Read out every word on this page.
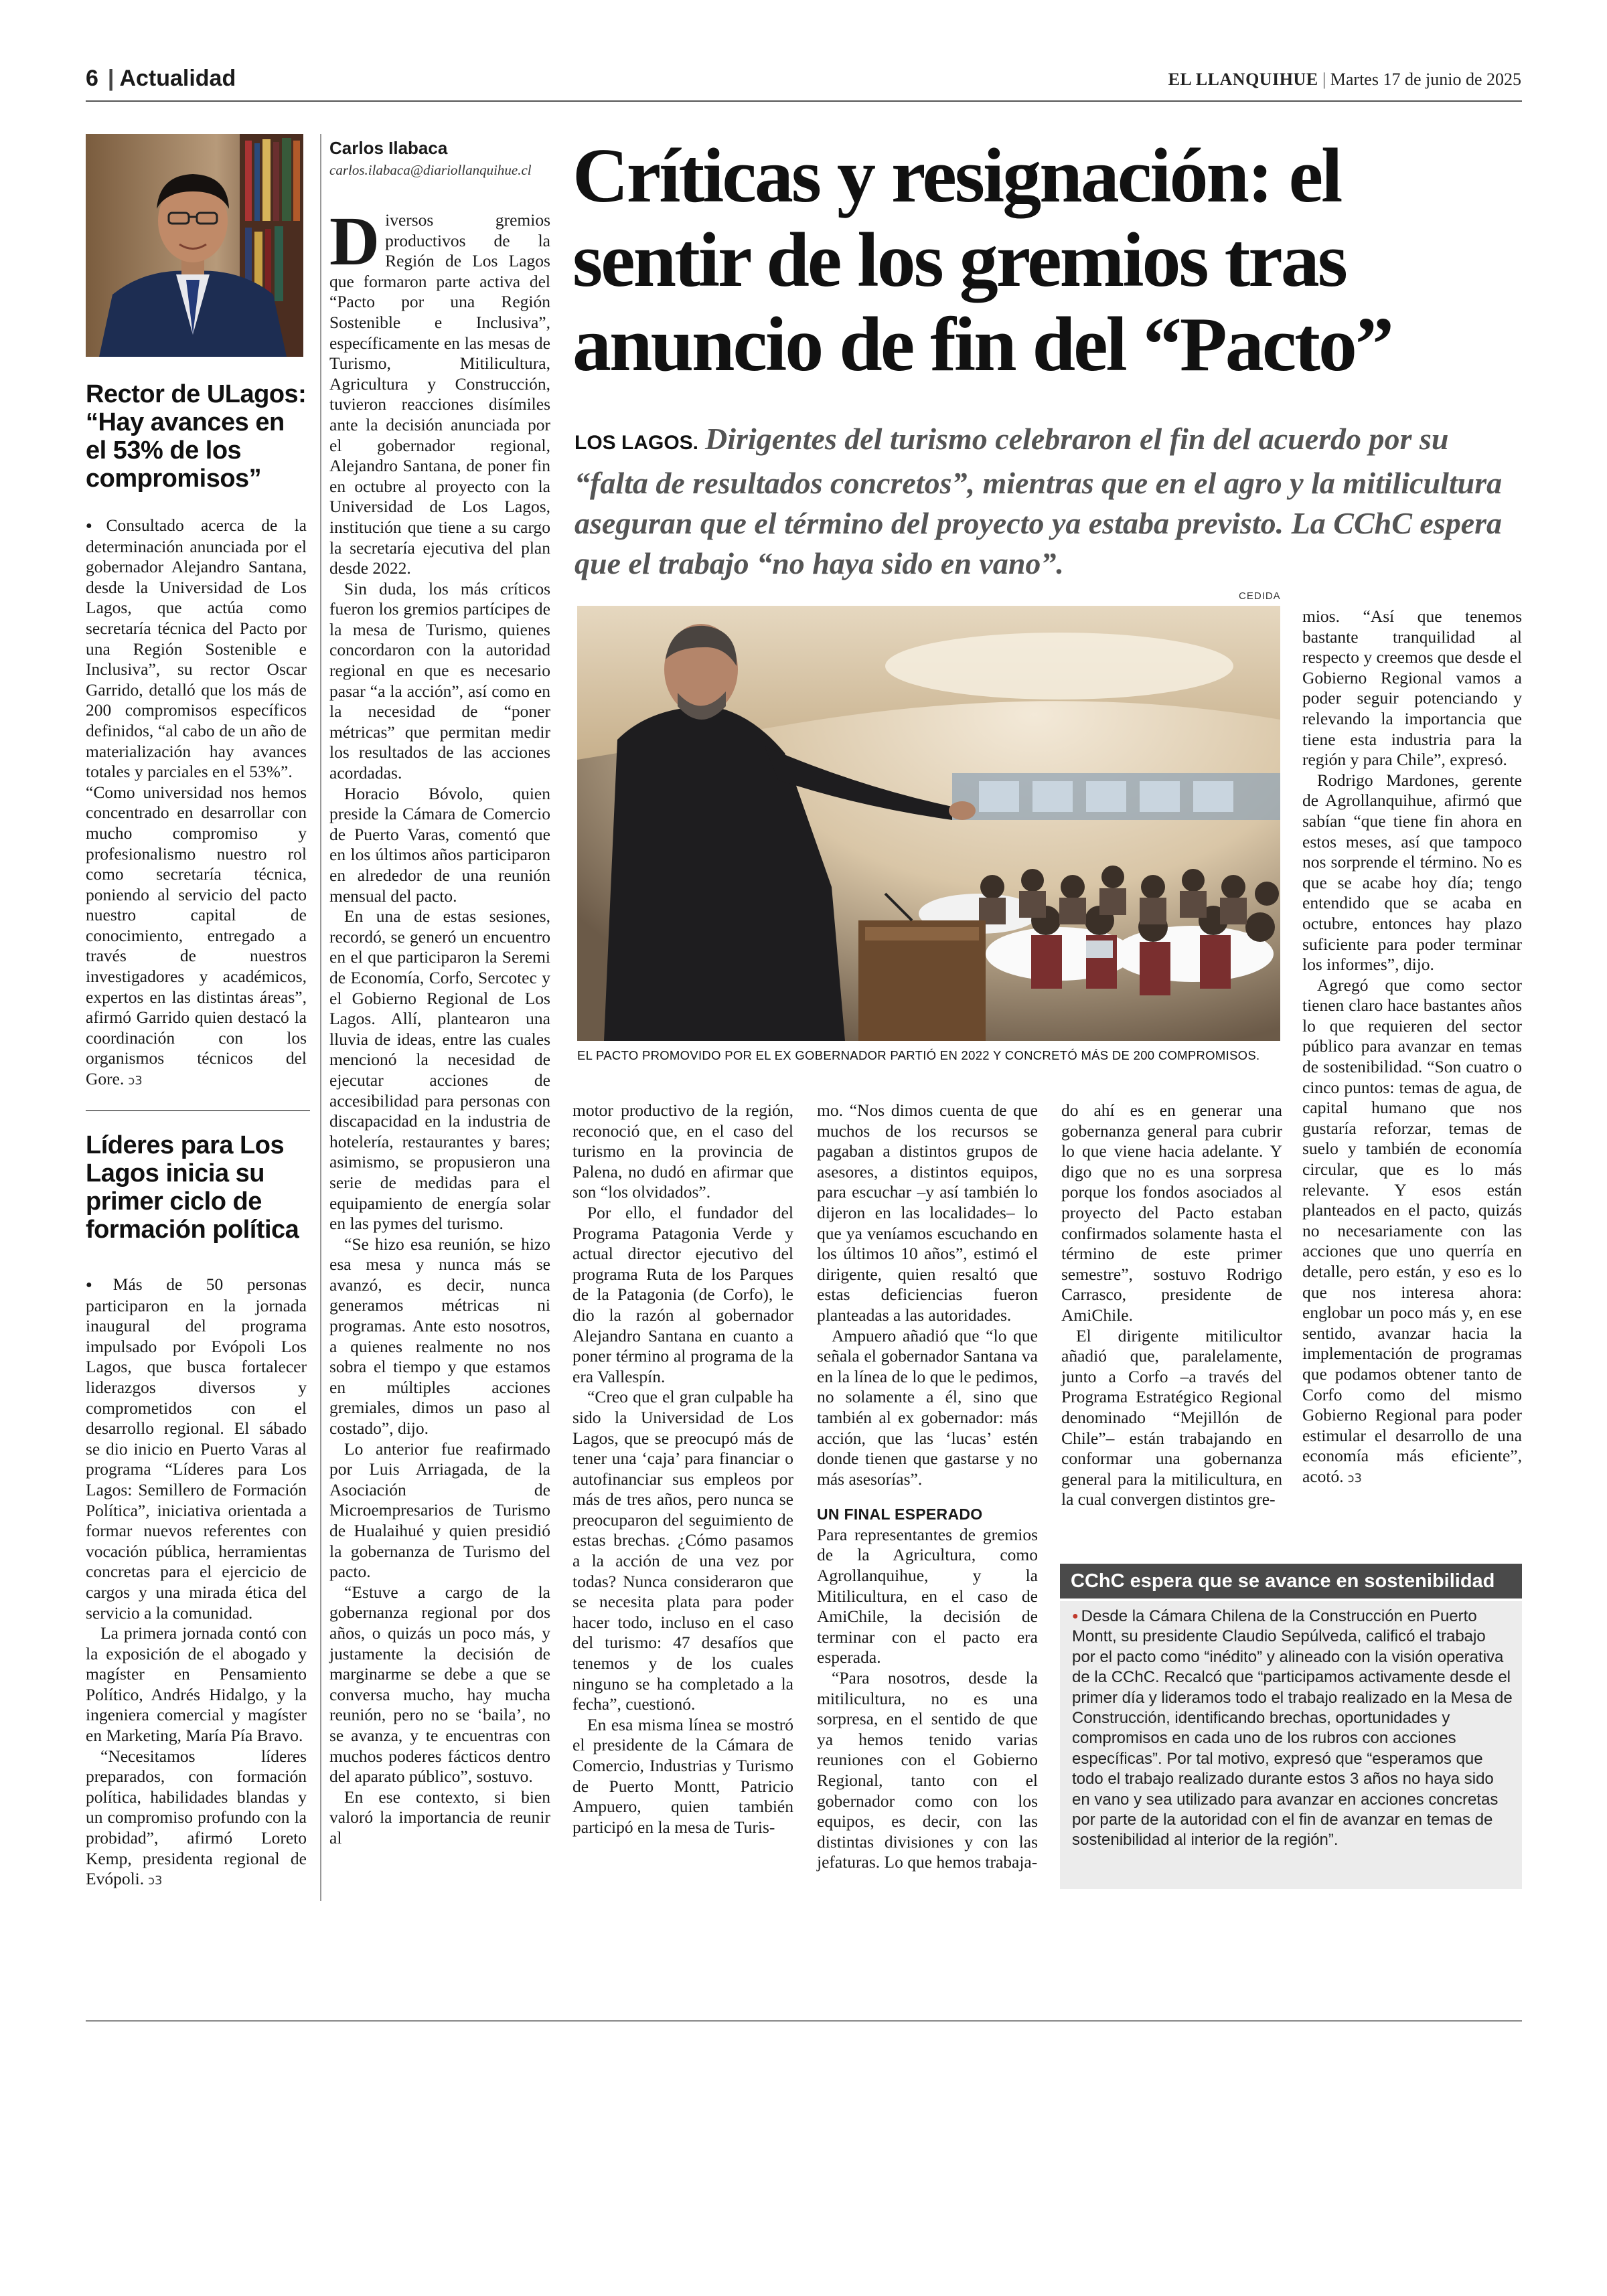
6 | Actualidad	EL LLANQUIHUE | Martes 17 de junio de 2025
Rector de ULagos: “Hay avances en el 53% de los compromisos”

● Consultado acerca de la determinación anunciada por el gobernador Alejandro Santana, desde la Universidad de Los Lagos, que actúa como secretaría técnica del Pacto por una Región Sostenible e Inclusiva”, su rector Oscar Garrido, detalló que los más de 200 compromisos específicos definidos, “al cabo de un año de materialización hay avances totales y parciales en el 53%”.

“Como universidad nos hemos concentrado en desarrollar con mucho compromiso y profesionalismo nuestro rol como secretaría técnica, poniendo al servicio del pacto nuestro capital de conocimiento, entregado a través de nuestros investigadores y académicos, expertos en las distintas áreas”, afirmó Garrido quien destacó la coordinación con los organismos técnicos del Gore. ↄ3

Líderes para Los Lagos inicia su primer ciclo de formación política

● Más de 50 personas participaron en la jornada inaugural del programa impulsado por Evópoli Los Lagos, que busca fortalecer liderazgos diversos y comprometidos con el desarrollo regional. El sábado se dio inicio en Puerto Varas al programa “Líderes para Los Lagos: Semillero de Formación Política”, iniciativa orientada a formar nuevos referentes con vocación pública, herramientas concretas para el ejercicio de cargos y una mirada ética del servicio a la comunidad.

La primera jornada contó con la exposición de el abogado y magíster en Pensamiento Político, Andrés Hidalgo, y la ingeniera comercial y magíster en Marketing, María Pía Bravo.

“Necesitamos líderes preparados, con formación política, habilidades blandas y un compromiso profundo con la probidad”, afirmó Loreto Kemp, presidenta regional de Evópoli. ↄ3

Carlos Ilabaca
carlos.ilabaca@diariollanquihue.cl Críticas y resignación: el sentir de los gremios tras anuncio de fin del “Pacto”
LOS LAGOS. Dirigentes del turismo celebraron el fin del acuerdo por su “falta de resultados concretos”, mientras que en el agro y la mitilicultura aseguran que el término del proyecto ya estaba previsto. La CChC espera que el trabajo “no haya sido en vano”.

Diversos gremios productivos de la Región de Los Lagos que formaron parte activa del “Pacto por una Región Sostenible e Inclusiva”, específicamente en las mesas de Turismo, Mitilicultura, Agricultura y Construcción, tuvieron reacciones disímiles ante la decisión anunciada por el gobernador regional, Alejandro Santana, de poner fin en octubre al proyecto con la Universidad de Los Lagos, institución que tiene a su cargo la secretaría ejecutiva del plan desde 2022.

Sin duda, los más críticos fueron los gremios partícipes de la mesa de Turismo, quienes concordaron con la autoridad regional en que es necesario pasar “a la acción”, así como en la necesidad de “poner métricas” que permitan medir los resultados de las acciones acordadas.

Horacio Bóvolo, quien preside la Cámara de Comercio de Puerto Varas, comentó que en los últimos años participaron en alrededor de una reunión mensual del pacto.

En una de estas sesiones, recordó, se generó un encuentro en el que participaron la Seremi de Economía, Corfo, Sercotec y el Gobierno Regional de Los Lagos. Allí, plantearon una lluvia de ideas, entre las cuales mencionó la necesidad de ejecutar acciones de accesibilidad para personas con discapacidad en la industria de hotelería, restaurantes y bares; asimismo, se propusieron una serie de medidas para el equipamiento de energía solar en las pymes del turismo.

“Se hizo esa reunión, se hizo esa mesa y nunca más se avanzó, es decir, nunca generamos métricas ni programas. Ante esto nosotros, a quienes realmente no nos sobra el tiempo y que estamos en múltiples acciones gremiales, dimos un paso al costado”, dijo.

Lo anterior fue reafirmado por Luis Arriagada, de la Asociación de Microempresarios de Turismo de Hualaihué y quien presidió la gobernanza de Turismo del pacto.

“Estuve a cargo de la gobernanza regional por dos años, o quizás un poco más, y justamente la decisión de marginarme se debe a que se conversa mucho, hay mucha reunión, pero no se ‘baila’, no se avanza, y te encuentras con muchos poderes fácticos dentro del aparato público”, sostuvo.

En ese contexto, si bien valoró la importancia de reunir al

CEDIDA
EL PACTO PROMOVIDO POR EL EX GOBERNADOR PARTIÓ EN 2022 Y CONCRETÓ MÁS DE 200 COMPROMISOS.

motor productivo de la región, reconoció que, en el caso del turismo en la provincia de Palena, no dudó en afirmar que son “los olvidados”.

Por ello, el fundador del Programa Patagonia Verde y actual director ejecutivo del programa Ruta de los Parques de la Patagonia (de Corfo), le dio la razón al gobernador Alejandro Santana en cuanto a poner término al programa de la era Vallespín.

“Creo que el gran culpable ha sido la Universidad de Los Lagos, que se preocupó más de tener una ‘caja’ para financiar o autofinanciar sus empleos por más de tres años, pero nunca se preocuparon del seguimiento de estas brechas. ¿Cómo pasamos a la acción de una vez por todas? Nunca consideraron que se necesita plata para poder hacer todo, incluso en el caso del turismo: 47 desafíos que tenemos y de los cuales ninguno se ha completado a la fecha”, cuestionó.

En esa misma línea se mostró el presidente de la Cámara de Comercio, Industrias y Turismo de Puerto Montt, Patricio Ampuero, quien también participó en la mesa de Turis-

mo. “Nos dimos cuenta de que muchos de los recursos se pagaban a distintos grupos de asesores, a distintos equipos, para escuchar –y así también lo dijeron en las localidades– lo que ya veníamos escuchando en los últimos 10 años”, estimó el dirigente, quien resaltó que estas deficiencias fueron planteadas a las autoridades.

Ampuero añadió que “lo que señala el gobernador Santana va en la línea de lo que le pedimos, no solamente a él, sino que también al ex gobernador: más acción, que las ‘lucas’ estén donde tienen que gastarse y no más asesorías”.

UN FINAL ESPERADO

Para representantes de gremios de la Agricultura, como Agrollanquihue, y la Mitilicultura, en el caso de AmiChile, la decisión de terminar con el pacto era esperada.

“Para nosotros, desde la mitilicultura, no es una sorpresa, en el sentido de que ya hemos tenido varias reuniones con el Gobierno Regional, tanto con el gobernador como con los equipos, es decir, con las distintas divisiones y con las jefaturas. Lo que hemos trabaja-

do ahí es en generar una gobernanza general para cubrir lo que viene hacia adelante. Y digo que no es una sorpresa porque los fondos asociados al proyecto del Pacto estaban confirmados solamente hasta el término de este primer semestre”, sostuvo Rodrigo Carrasco, presidente de AmiChile.

El dirigente mitilicultor añadió que, paralelamente, junto a Corfo –a través del Programa Estratégico Regional denominado “Mejillón de Chile”– están trabajando en conformar una gobernanza general para la mitilicultura, en la cual convergen distintos gre-

mios. “Así que tenemos bastante tranquilidad al respecto y creemos que desde el Gobierno Regional vamos a poder seguir potenciando y relevando la importancia que tiene esta industria para la región y para Chile”, expresó.

Rodrigo Mardones, gerente de Agrollanquihue, afirmó que sabían “que tiene fin ahora en estos meses, así que tampoco nos sorprende el término. No es que se acabe hoy día; tengo entendido que se acaba en octubre, entonces hay plazo suficiente para poder terminar los informes”, dijo.

Agregó que como sector tienen claro hace bastantes años lo que requieren del sector público para avanzar en temas de sostenibilidad. “Son cuatro o cinco puntos: temas de agua, de capital humano que nos gustaría reforzar, temas de suelo y también de economía circular, que es lo más relevante. Y esos están planteados en el pacto, quizás no necesariamente con las acciones que uno querría en detalle, pero están, y eso es lo que nos interesa ahora: englobar un poco más y, en ese sentido, avanzar hacia la implementación de programas que podamos obtener tanto de Corfo como del mismo Gobierno Regional para poder estimular el desarrollo de una economía más eficiente”, acotó. ↄ3

CChC espera que se avance en sostenibilidad
● Desde la Cámara Chilena de la Construcción en Puerto Montt, su presidente Claudio Sepúlveda, calificó el trabajo por el pacto como “inédito” y alineado con la visión operativa de la CChC. Recalcó que “participamos activamente desde el primer día y lideramos todo el trabajo realizado en la Mesa de Construcción, identificando brechas, oportunidades y compromisos en cada uno de los rubros con acciones específicas”. Por tal motivo, expresó que “esperamos que todo el trabajo realizado durante estos 3 años no haya sido en vano y sea utilizado para avanzar en acciones concretas por parte de la autoridad con el fin de avanzar en temas de sostenibilidad al interior de la región”.
